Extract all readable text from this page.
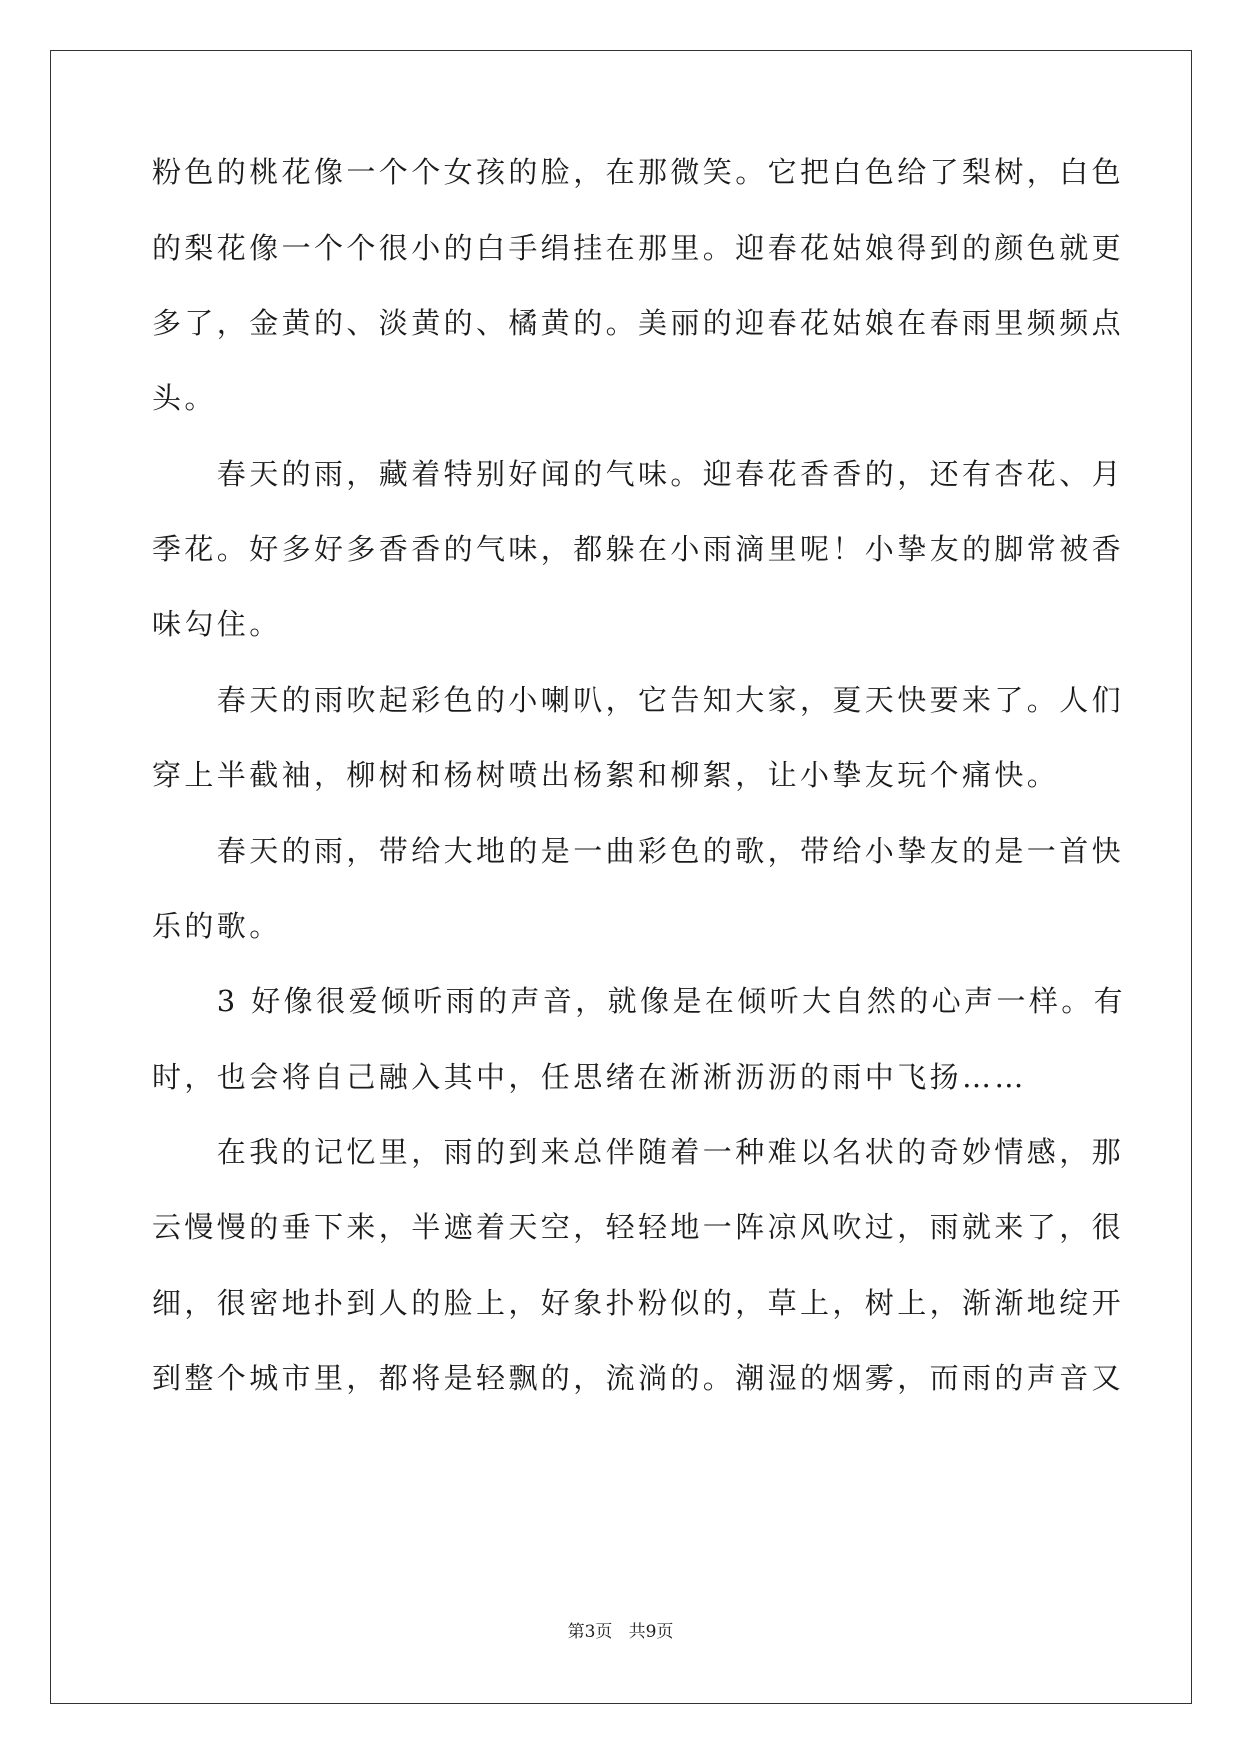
粉色的桃花像一个个女孩的脸，在那微笑。它把白色给了梨树，白色
的梨花像一个个很小的白手绢挂在那里。迎春花姑娘得到的颜色就更
多了，金黄的、淡黄的、橘黄的。美丽的迎春花姑娘在春雨里频频点
头。
　　春天的雨，藏着特别好闻的气味。迎春花香香的，还有杏花、月
季花。好多好多香香的气味，都躲在小雨滴里呢！小挚友的脚常被香
味勾住。
　　春天的雨吹起彩色的小喇叭，它告知大家，夏天快要来了。人们
穿上半截袖，柳树和杨树喷出杨絮和柳絮，让小挚友玩个痛快。
　　春天的雨，带给大地的是一曲彩色的歌，带给小挚友的是一首快
乐的歌。
　　3 好像很爱倾听雨的声音，就像是在倾听大自然的心声一样。有
时，也会将自己融入其中，任思绪在淅淅沥沥的雨中飞扬……
　　在我的记忆里，雨的到来总伴随着一种难以名状的奇妙情感，那
云慢慢的垂下来，半遮着天空，轻轻地一阵凉风吹过，雨就来了，很
细，很密地扑到人的脸上，好象扑粉似的，草上，树上，渐渐地绽开
到整个城市里，都将是轻飘的，流淌的。潮湿的烟雾，而雨的声音又
第3页   共9页
